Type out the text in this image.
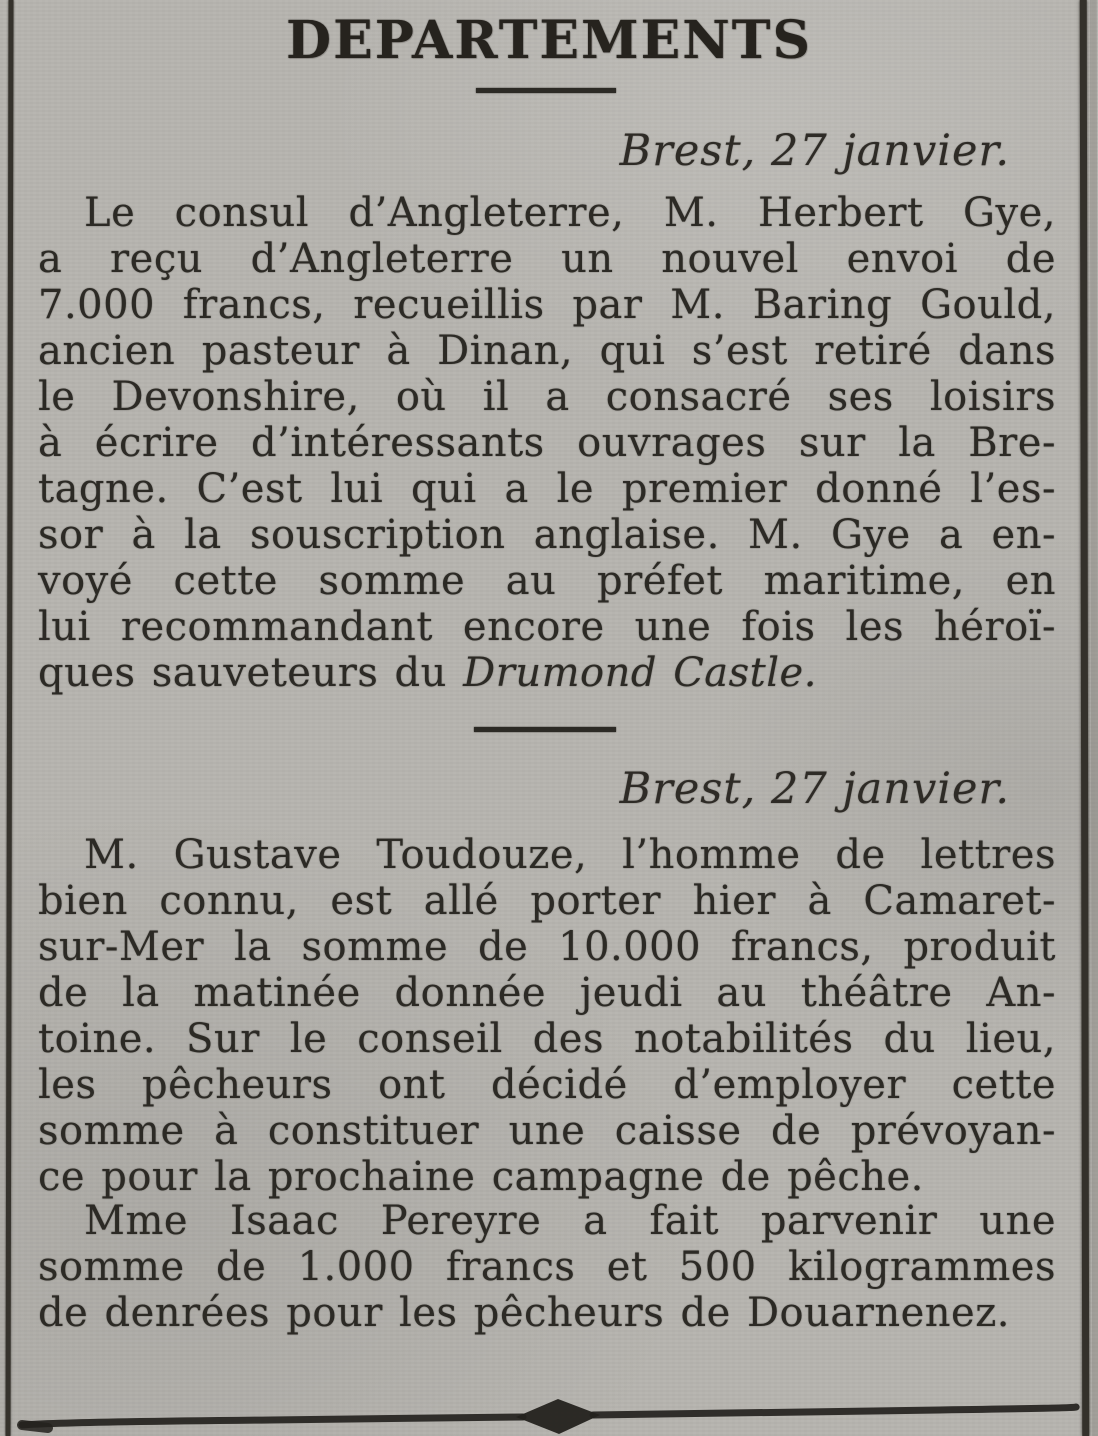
DEPARTEMENTS
Brest, 27 janvier.
Le consul d’Angleterre, M. Herbert Gye,
a reçu d’Angleterre un nouvel envoi de
7.000 francs, recueillis par M. Baring Gould,
ancien pasteur à Dinan, qui s’est retiré dans
le Devonshire, où il a consacré ses loisirs
à écrire d’intéressants ouvrages sur la Bre-
tagne. C’est lui qui a le premier donné l’es-
sor à la souscription anglaise. M. Gye a en-
voyé cette somme au préfet maritime, en
lui recommandant encore une fois les héroï-
ques sauveteurs du Drumond Castle.
Brest, 27 janvier.
M. Gustave Toudouze, l’homme de lettres
bien connu, est allé porter hier à Camaret-
sur-Mer la somme de 10.000 francs, produit
de la matinée donnée jeudi au théâtre An-
toine. Sur le conseil des notabilités du lieu,
les pêcheurs ont décidé d’employer cette
somme à constituer une caisse de prévoyan-
ce pour la prochaine campagne de pêche.
Mme Isaac Pereyre a fait parvenir une
somme de 1.000 francs et 500 kilogrammes
de denrées pour les pêcheurs de Douarnenez.
